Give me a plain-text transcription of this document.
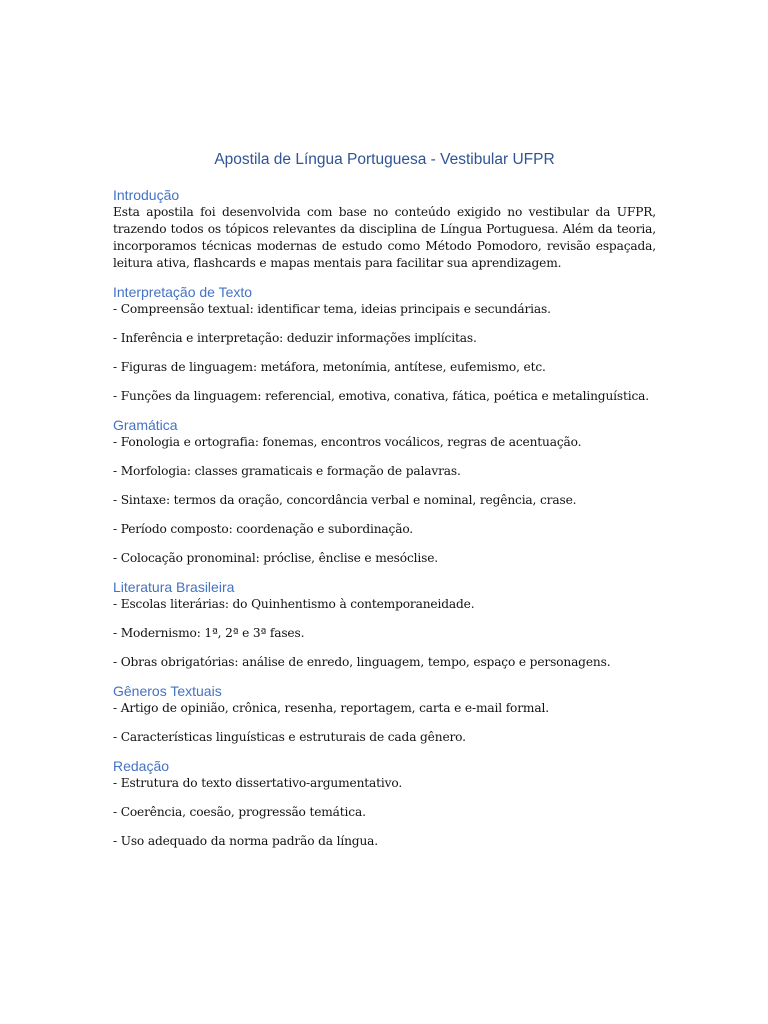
Apostila de Língua Portuguesa - Vestibular UFPR
Introdução

Esta apostila foi desenvolvida com base no conteúdo exigido no vestibular da UFPR, trazendo todos os tópicos relevantes da disciplina de Língua Portuguesa. Além da teoria, incorporamos técnicas modernas de estudo como Método Pomodoro, revisão espaçada, leitura ativa, flashcards e mapas mentais para facilitar sua aprendizagem.

Interpretação de Texto

- Compreensão textual: identificar tema, ideias principais e secundárias.

- Inferência e interpretação: deduzir informações implícitas.

- Figuras de linguagem: metáfora, metonímia, antítese, eufemismo, etc.

- Funções da linguagem: referencial, emotiva, conativa, fática, poética e metalinguística.

Gramática

- Fonologia e ortografia: fonemas, encontros vocálicos, regras de acentuação.

- Morfologia: classes gramaticais e formação de palavras.

- Sintaxe: termos da oração, concordância verbal e nominal, regência, crase.

- Período composto: coordenação e subordinação.

- Colocação pronominal: próclise, ênclise e mesóclise.

Literatura Brasileira

- Escolas literárias: do Quinhentismo à contemporaneidade.

- Modernismo: 1ª, 2ª e 3ª fases.

- Obras obrigatórias: análise de enredo, linguagem, tempo, espaço e personagens.

Gêneros Textuais

- Artigo de opinião, crônica, resenha, reportagem, carta e e-mail formal.

- Características linguísticas e estruturais de cada gênero.

Redação

- Estrutura do texto dissertativo-argumentativo.

- Coerência, coesão, progressão temática.

- Uso adequado da norma padrão da língua.
